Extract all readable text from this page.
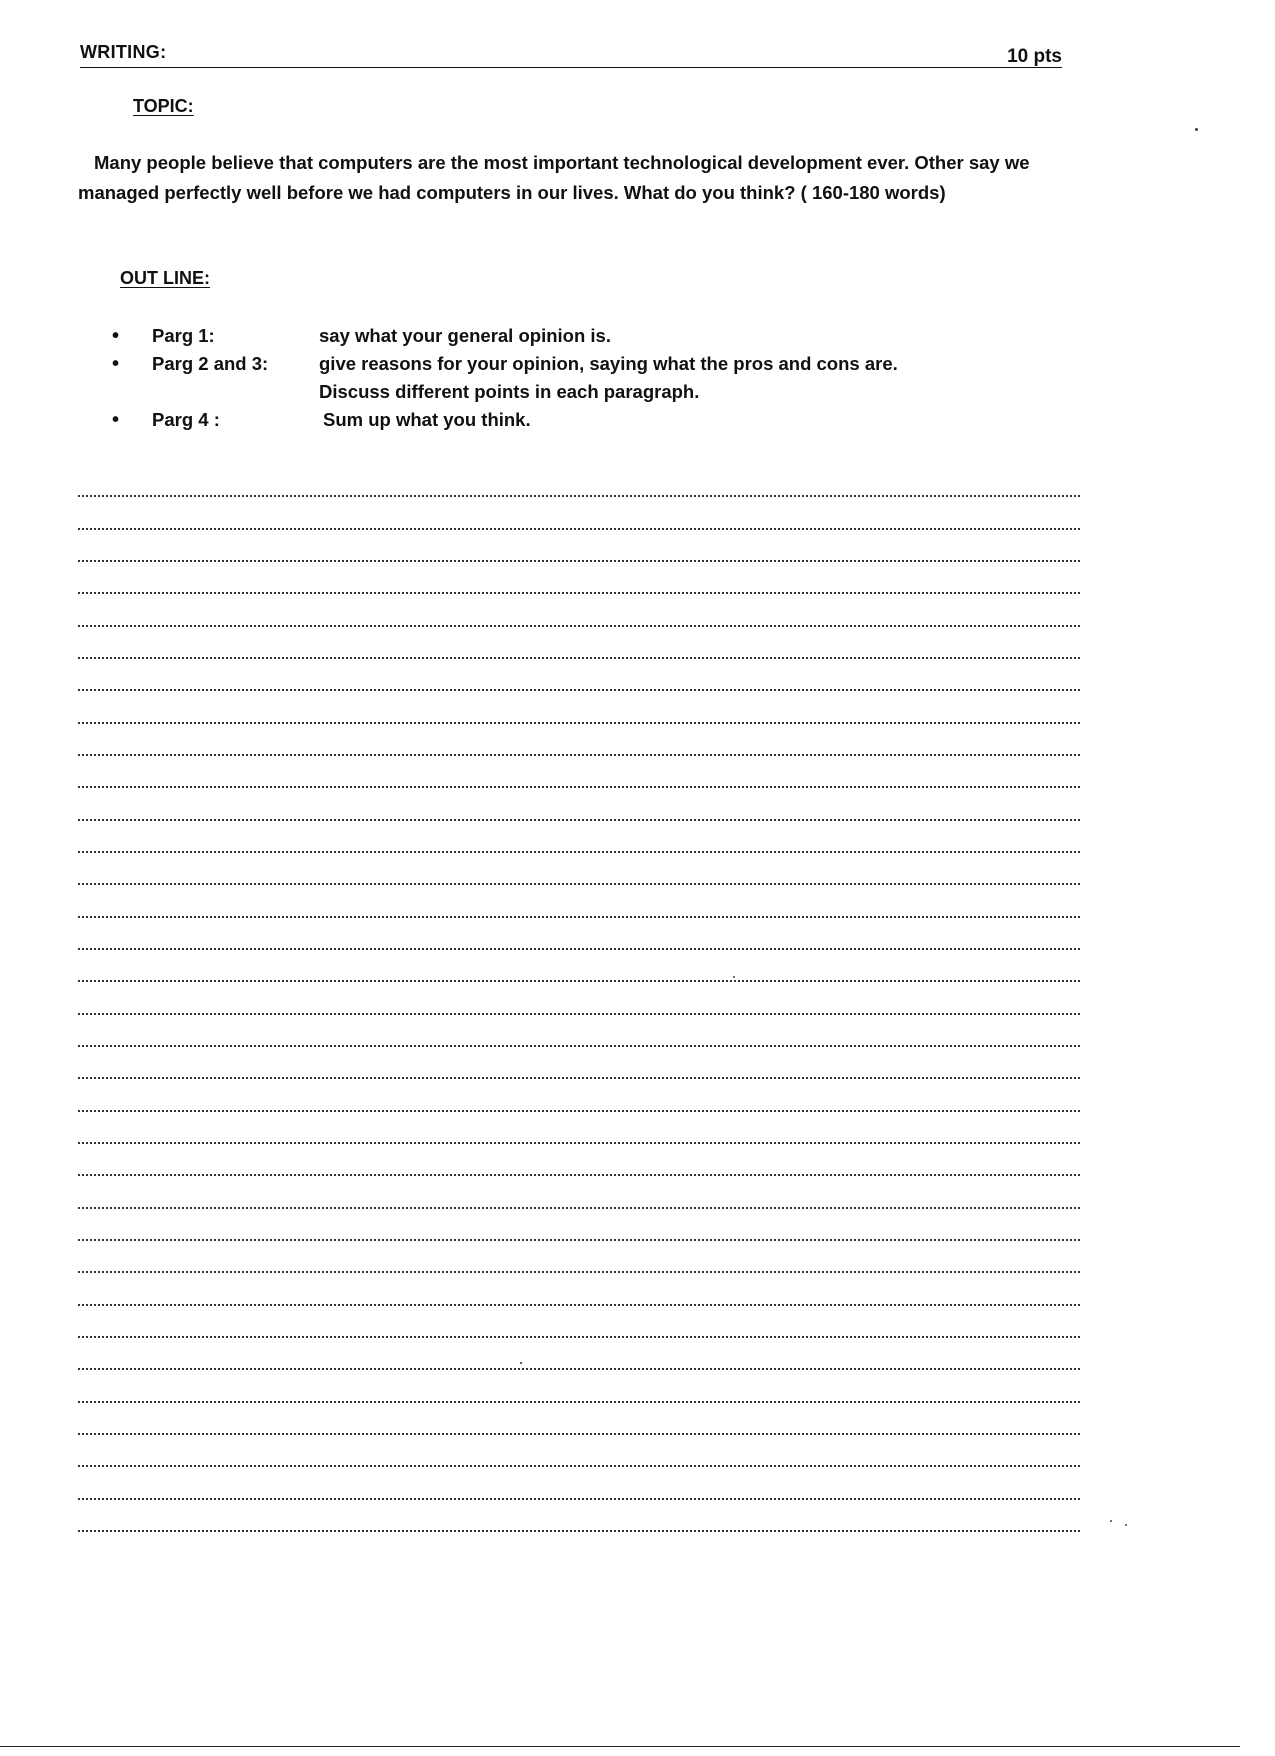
WRITING:	10 pts
TOPIC:
Many people believe that computers are the most important technological development ever. Other say we managed perfectly well before we had computers in our lives. What do you think? ( 160-180 words)
OUT LINE:
•	Parg 1:	say what your general opinion is.
•	Parg 2 and 3:	give reasons for your opinion, saying what the pros and cons are.
Discuss different points in each paragraph.
•	Parg 4 :	Sum up what you think.
